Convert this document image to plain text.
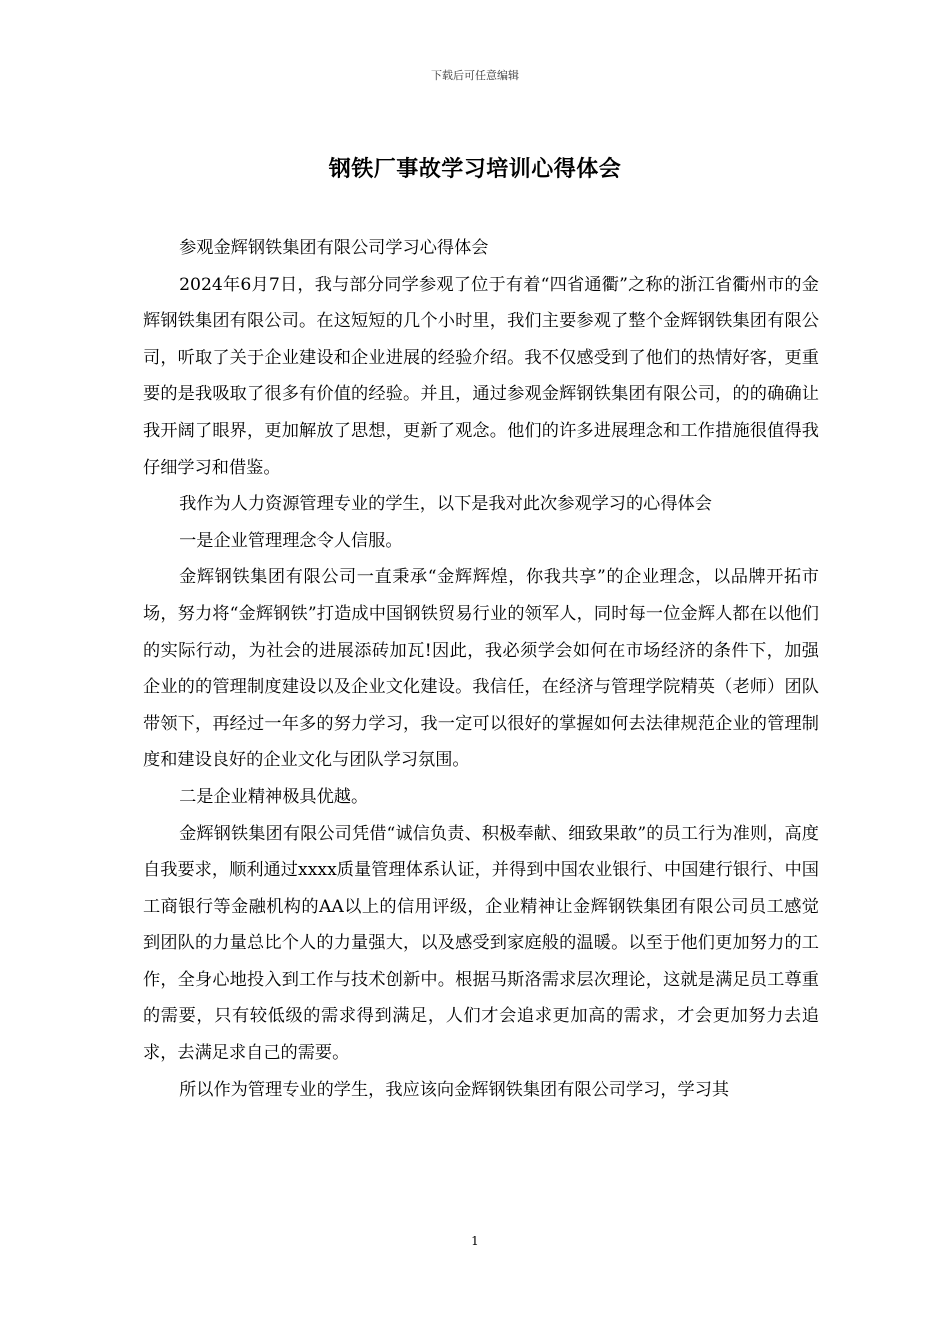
下载后可任意编辑
钢铁厂事故学习培训心得体会

参观金辉钢铁集团有限公司学习心得体会

2024年6月7日，我与部分同学参观了位于有着“四省通衢”之称的浙江省衢州市的金辉钢铁集团有限公司。在这短短的几个小时里，我们主要参观了整个金辉钢铁集团有限公司，听取了关于企业建设和企业进展的经验介绍。我不仅感受到了他们的热情好客，更重要的是我吸取了很多有价值的经验。并且，通过参观金辉钢铁集团有限公司，的的确确让我开阔了眼界，更加解放了思想，更新了观念。他们的许多进展理念和工作措施很值得我仔细学习和借鉴。

我作为人力资源管理专业的学生，以下是我对此次参观学习的心得体会

一是企业管理理念令人信服。

金辉钢铁集团有限公司一直秉承“金辉辉煌，你我共享”的企业理念，以品牌开拓市场，努力将“金辉钢铁”打造成中国钢铁贸易行业的领军人，同时每一位金辉人都在以他们的实际行动，为社会的进展添砖加瓦!因此，我必须学会如何在市场经济的条件下，加强企业的的管理制度建设以及企业文化建设。我信任，在经济与管理学院精英（老师）团队带领下，再经过一年多的努力学习，我一定可以很好的掌握如何去法律规范企业的管理制度和建设良好的企业文化与团队学习氛围。

二是企业精神极具优越。

金辉钢铁集团有限公司凭借“诚信负责、积极奉献、细致果敢”的员工行为准则，高度自我要求，顺利通过xxxx质量管理体系认证，并得到中国农业银行、中国建行银行、中国工商银行等金融机构的AA以上的信用评级，企业精神让金辉钢铁集团有限公司员工感觉到团队的力量总比个人的力量强大，以及感受到家庭般的温暖。以至于他们更加努力的工作，全身心地投入到工作与技术创新中。根据马斯洛需求层次理论，这就是满足员工尊重的需要，只有较低级的需求得到满足，人们才会追求更加高的需求，才会更加努力去追求，去满足求自己的需要。

所以作为管理专业的学生，我应该向金辉钢铁集团有限公司学习，学习其

1
